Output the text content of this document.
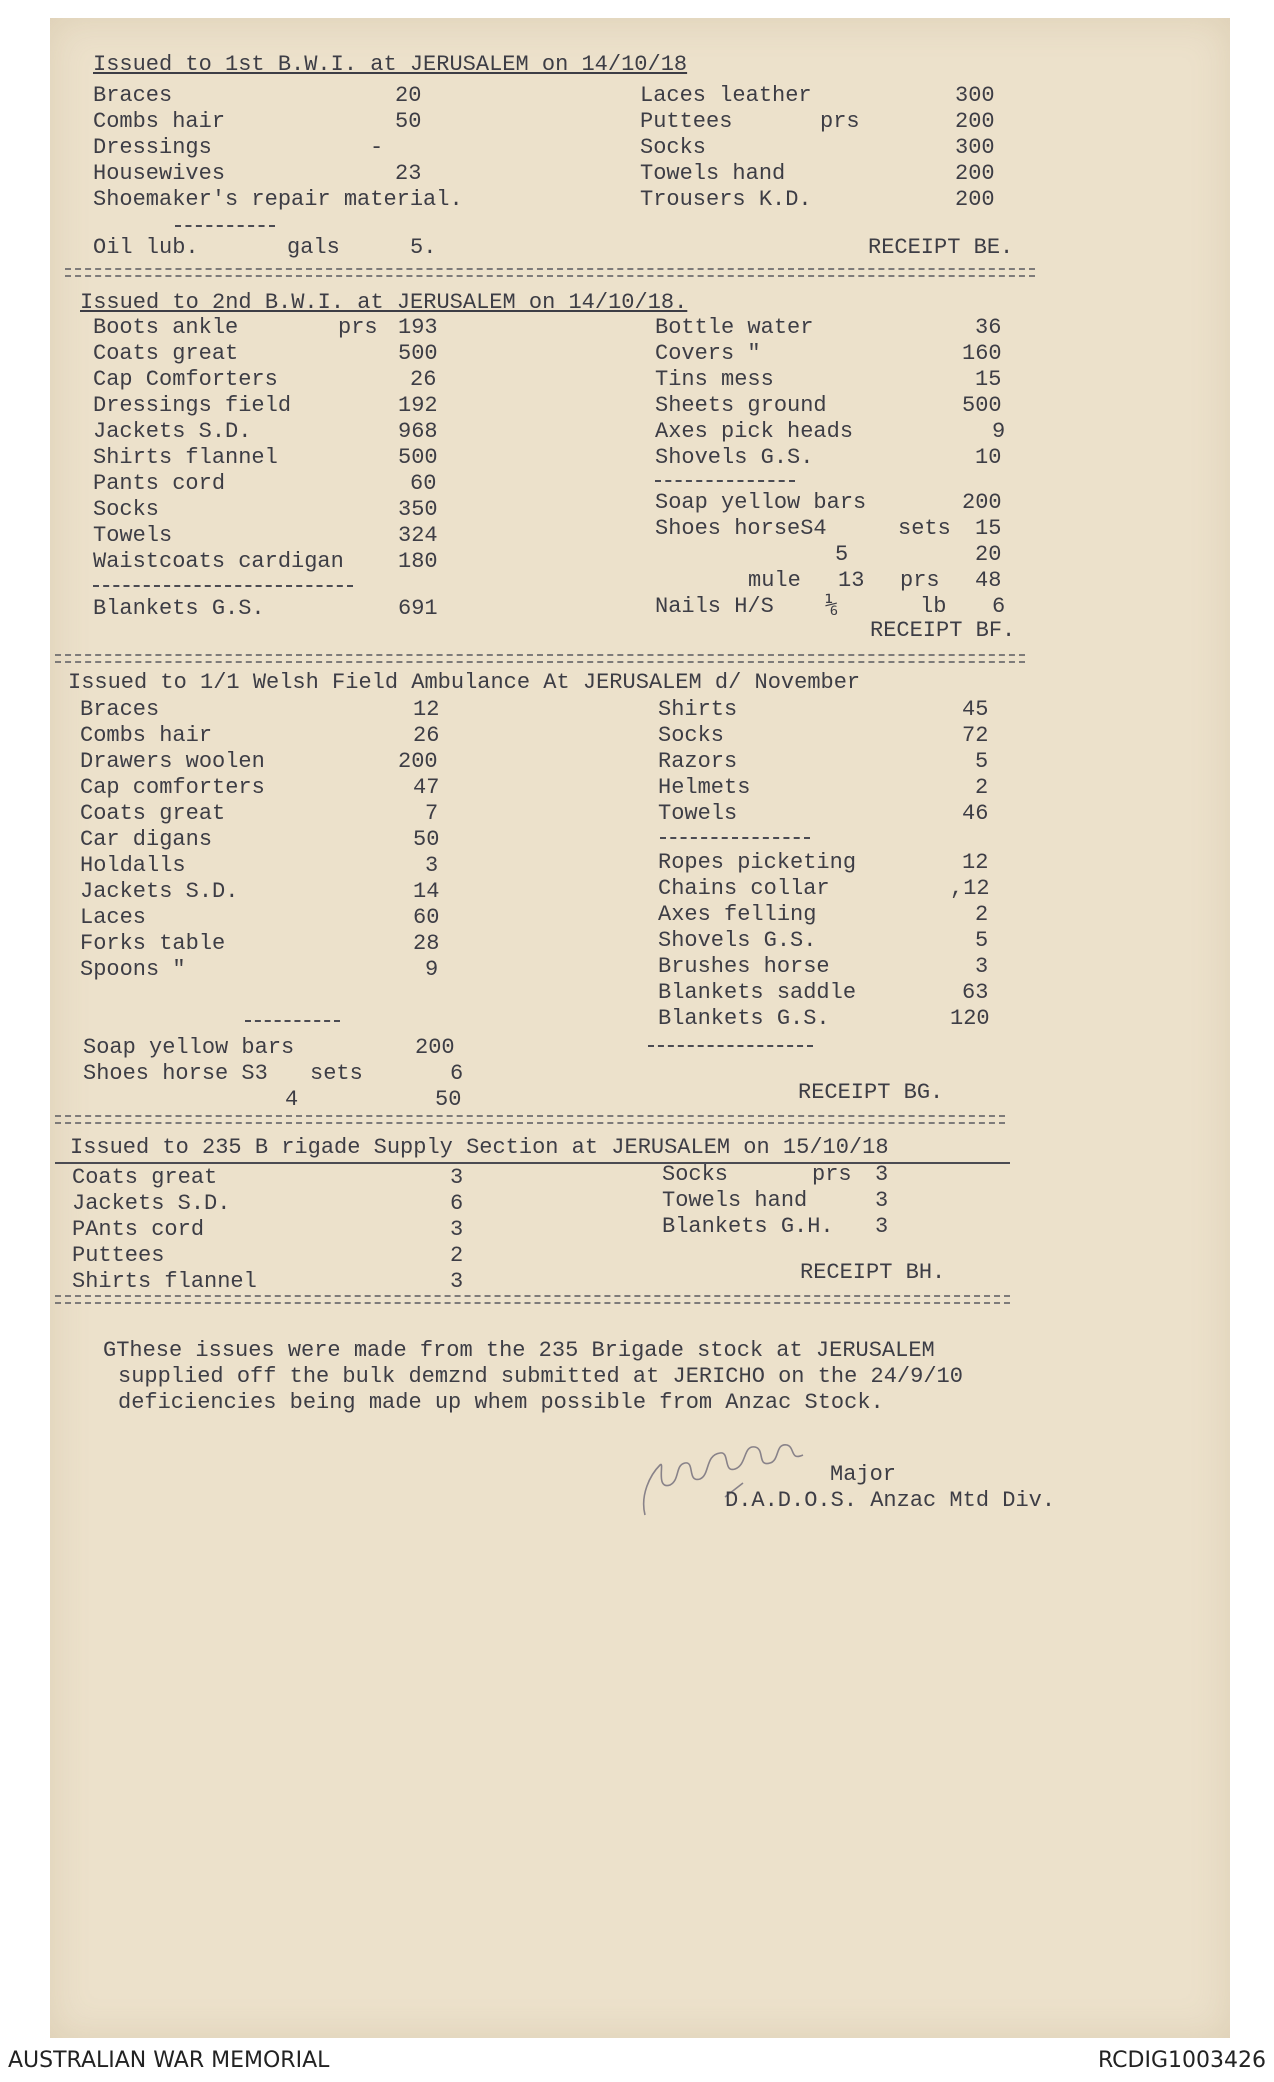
Issued to 1st B.W.I. at JERUSALEM on 14/10/18
Braces	20
Combs hair	50
Dressings	-
Housewives	23
Shoemaker's repair material.
Laces leather	300
Puttees	prs	200
Socks	300
Towels hand	200
Trousers K.D.	200
Oil lub.	gals	5.	RECEIPT BE.
Issued to 2nd B.W.I. at JERUSALEM on 14/10/18.
Boots ankle	prs 193
Coats great	500
Cap Comforters	26
Dressings field	192
Jackets S.D.	968
Shirts flannel	500
Pants cord	60
Socks	350
Towels	324
Waistcoats cardigan 180
Blankets G.S.	691
Bottle water	36
Covers "	160
Tins mess	15
Sheets ground	500
Axes pick heads	9
Shovels G.S.	10
Soap yellow bars	200
Shoes horseS4	sets 15
5	20
mule 13 prs 48
Nails H/S ⅙	lb 6
RECEIPT BF.
Issued to 1/1 Welsh Field Ambulance At JERUSALEM d/ November
Braces	12
Combs hair	26
Drawers woolen	200
Cap comforters	47
Coats great	7
Car digans	50
Holdalls	3
Jackets S.D.	14
Laces	60
Forks table	28
Spoons "	9
Soap yellow bars	200
Shoes horse S3 sets	6
4	50
Shirts	45
Socks	72
Razors	5
Helmets	2
Towels	46
Ropes picketing	12
Chains collar	,12
Axes felling	2
Shovels G.S.	5
Brushes horse	3
Blankets saddle	63
Blankets G.S.	120
RECEIPT BG.
Issued to 235 B rigade Supply Section at JERUSALEM on 15/10/18
Coats great	3
Jackets S.D.	6
PAnts cord	3
Puttees	2
Shirts flannel	3
Socks	prs 3
Towels hand	3
Blankets G.H. 3
RECEIPT BH.
GThese issues were made from the 235 Brigade stock at JERUSALEM
supplied off the bulk demznd submitted at JERICHO on the 24/9/10
deficiencies being made up whem possible from Anzac Stock.
Major
D.A.D.O.S. Anzac Mtd Div.
AUSTRALIAN WAR MEMORIAL	RCDIG1003426
